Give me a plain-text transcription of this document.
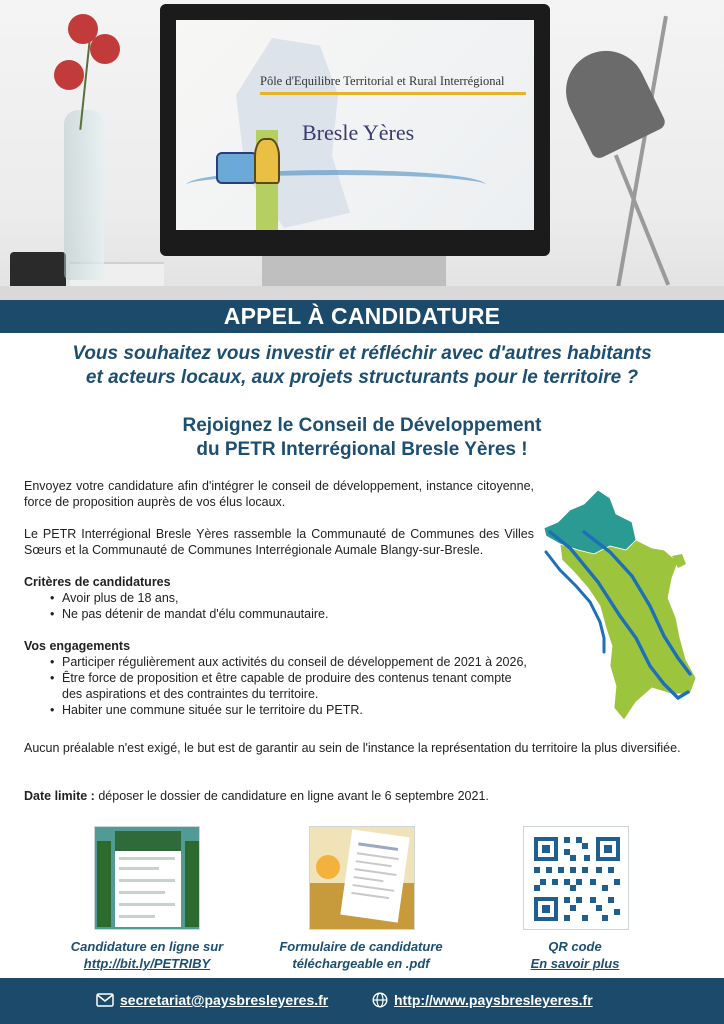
Pôle d'Equilibre Territorial et Rural Interrégional
Bresle Yères
APPEL À CANDIDATURE
Vous souhaitez vous investir et réfléchir avec d'autres habitants
et acteurs locaux, aux projets structurants pour le territoire ?
Rejoignez le Conseil de Développement
du PETR Interrégional Bresle Yères !

Envoyez votre candidature afin d'intégrer le conseil de développement, instance citoyenne, force de proposition auprès de vos élus locaux.

Le PETR Interrégional Bresle Yères rassemble la Communauté de Communes des Villes Sœurs et la Communauté de Communes Interrégionale Aumale Blangy-sur-Bresle.

Critères de candidatures

• Avoir plus de 18 ans,
• Ne pas détenir de mandat d'élu communautaire.

Vos engagements

• Participer régulièrement aux activités du conseil de développement de 2021 à 2026,
• Être force de proposition et être capable de produire des contenus tenant compte des aspirations et des contraintes du territoire.
• Habiter une commune située sur le territoire du PETR.
Aucun préalable n'est exigé, le but est de garantir au sein de l'instance la représentation du territoire la plus diversifiée.
Date limite : déposer le dossier de candidature en ligne avant le 6 septembre 2021.
Candidature en ligne sur
http://bit.ly/PETRIBY
Formulaire de candidature
téléchargeable en .pdf
QR code
En savoir plus
secretariat@paysbresleyeres.fr	http://www.paysbresleyeres.fr
